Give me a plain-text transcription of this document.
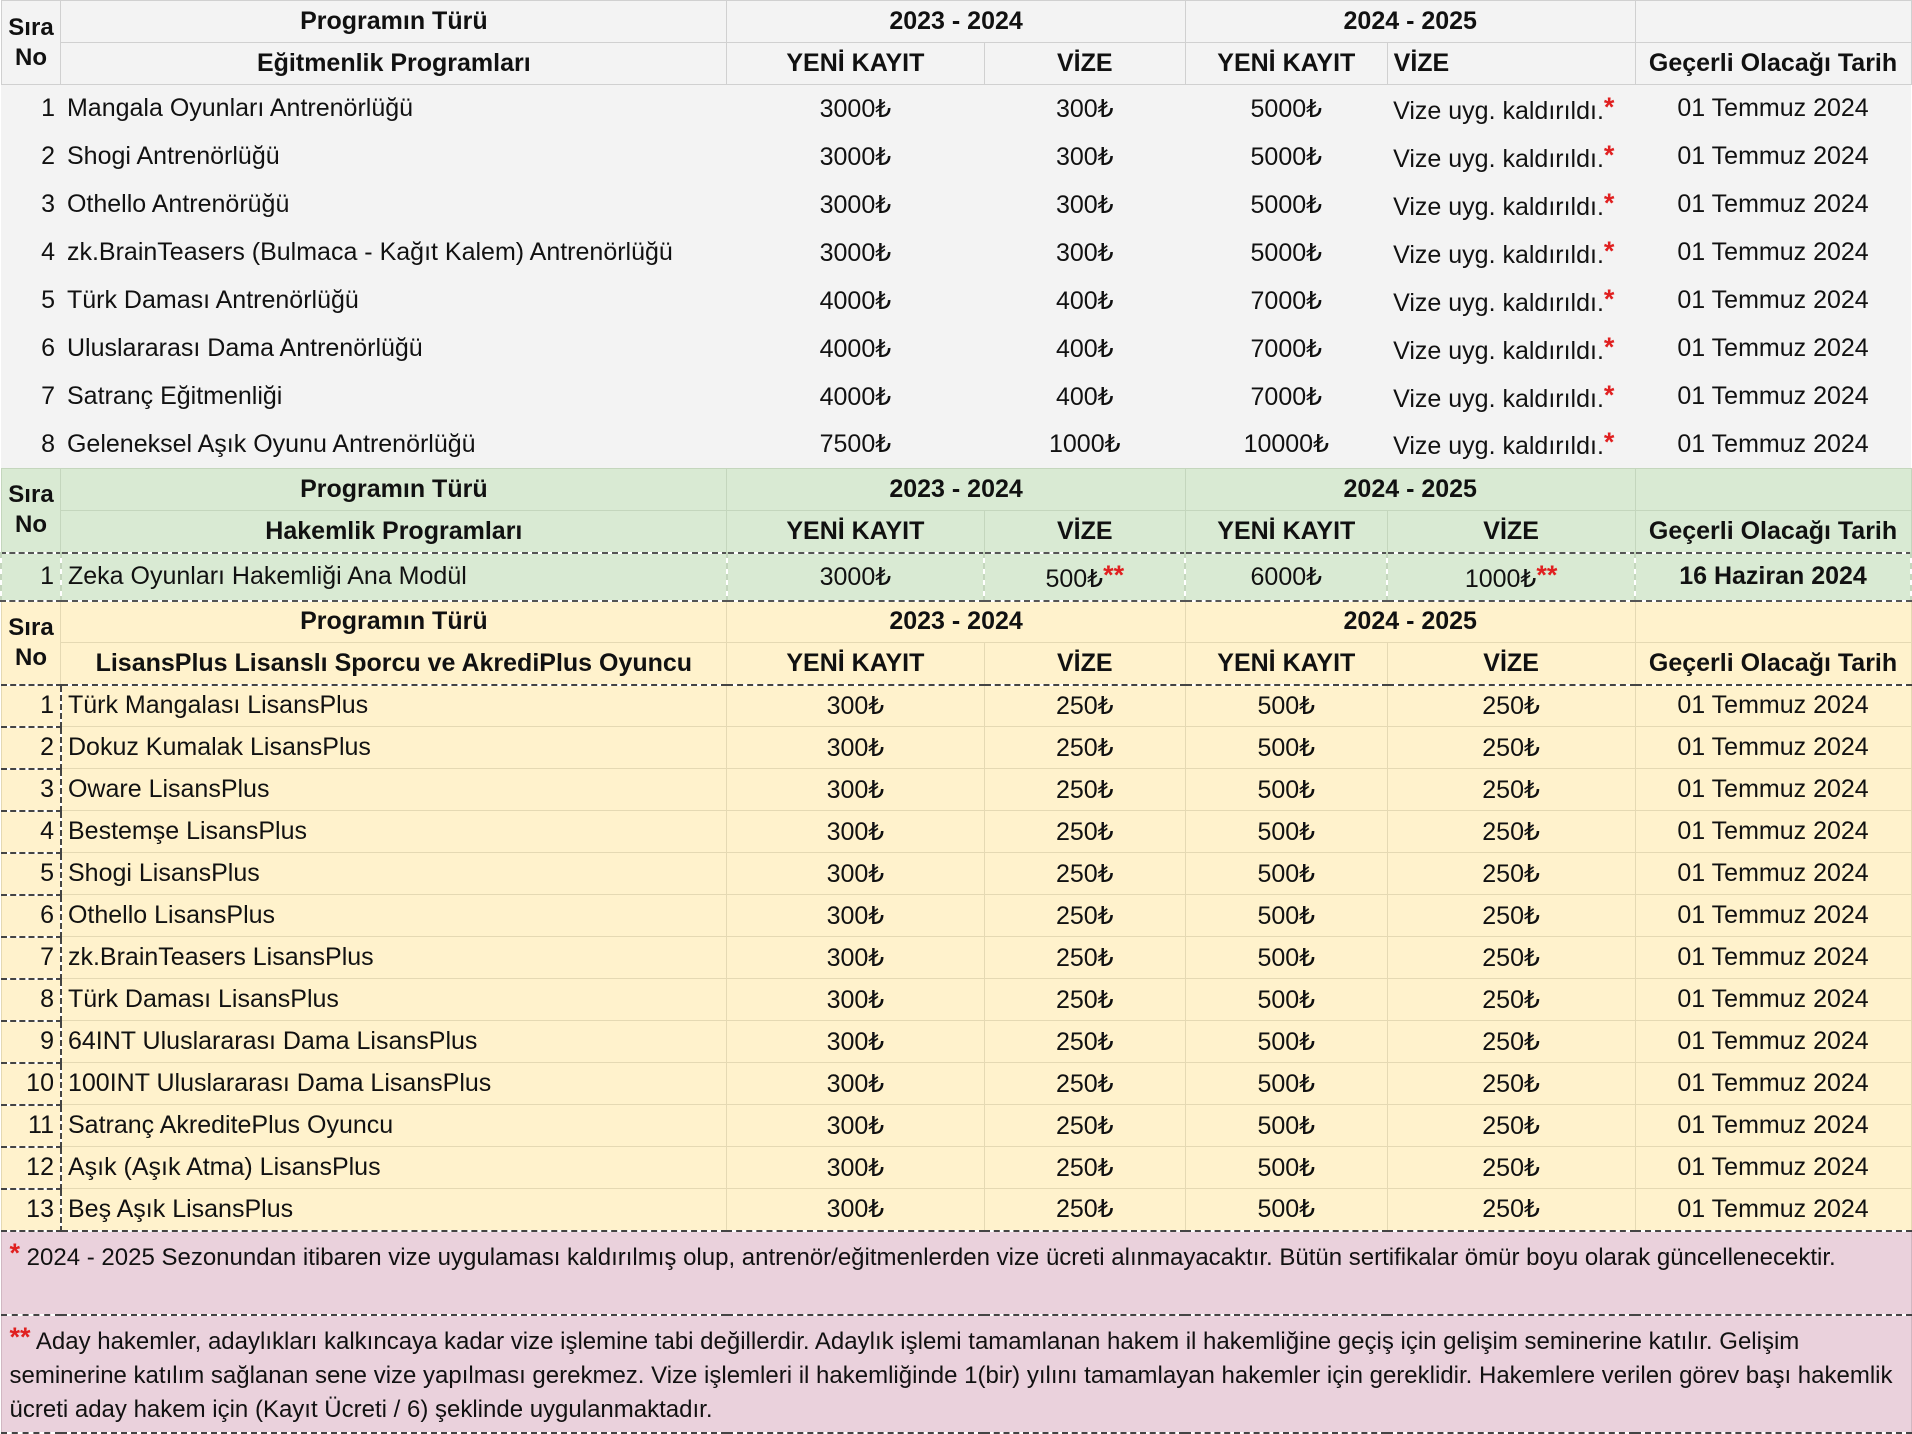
Sıra
No	Programın Türü	2023 - 2024		2024 - 2025		
	Eğitmenlik Programları	YENİ KAYIT	VİZE	YENİ KAYIT	VİZE	Geçerli Olacağı Tarih
1	Mangala Oyunları Antrenörlüğü	3000₺	300₺	5000₺	Vize uyg. kaldırıldı.*	01 Temmuz 2024
2	Shogi Antrenörlüğü	3000₺	300₺	5000₺	Vize uyg. kaldırıldı.*	01 Temmuz 2024
3	Othello Antrenörüğü	3000₺	300₺	5000₺	Vize uyg. kaldırıldı.*	01 Temmuz 2024
4	zk.BrainTeasers (Bulmaca - Kağıt Kalem) Antrenörlüğü	3000₺	300₺	5000₺	Vize uyg. kaldırıldı.*	01 Temmuz 2024
5	Türk Daması Antrenörlüğü	4000₺	400₺	7000₺	Vize uyg. kaldırıldı.*	01 Temmuz 2024
6	Uluslararası Dama Antrenörlüğü	4000₺	400₺	7000₺	Vize uyg. kaldırıldı.*	01 Temmuz 2024
7	Satranç Eğitmenliği	4000₺	400₺	7000₺	Vize uyg. kaldırıldı.*	01 Temmuz 2024
8	Geleneksel Aşık Oyunu Antrenörlüğü	7500₺	1000₺	10000₺	Vize uyg. kaldırıldı.*	01 Temmuz 2024
Sıra
No	Programın Türü	2023 - 2024		2024 - 2025		
	Hakemlik Programları	YENİ KAYIT	VİZE	YENİ KAYIT	VİZE	Geçerli Olacağı Tarih
1	Zeka Oyunları Hakemliği Ana Modül	3000₺	500₺**	6000₺	1000₺**	16 Haziran 2024
Sıra
No	Programın Türü	2023 - 2024		2024 - 2025		
	LisansPlus Lisanslı Sporcu ve AkrediPlus Oyuncu	YENİ KAYIT	VİZE	YENİ KAYIT	VİZE	Geçerli Olacağı Tarih
1	Türk Mangalası LisansPlus	300₺	250₺	500₺	250₺	01 Temmuz 2024
2	Dokuz Kumalak LisansPlus	300₺	250₺	500₺	250₺	01 Temmuz 2024
3	Oware LisansPlus	300₺	250₺	500₺	250₺	01 Temmuz 2024
4	Bestemşe LisansPlus	300₺	250₺	500₺	250₺	01 Temmuz 2024
5	Shogi LisansPlus	300₺	250₺	500₺	250₺	01 Temmuz 2024
6	Othello LisansPlus	300₺	250₺	500₺	250₺	01 Temmuz 2024
7	zk.BrainTeasers LisansPlus	300₺	250₺	500₺	250₺	01 Temmuz 2024
8	Türk Daması LisansPlus	300₺	250₺	500₺	250₺	01 Temmuz 2024
9	64INT Uluslararası Dama LisansPlus	300₺	250₺	500₺	250₺	01 Temmuz 2024
10	100INT Uluslararası Dama LisansPlus	300₺	250₺	500₺	250₺	01 Temmuz 2024
11	Satranç AkreditePlus Oyuncu	300₺	250₺	500₺	250₺	01 Temmuz 2024
12	Aşık (Aşık Atma) LisansPlus	300₺	250₺	500₺	250₺	01 Temmuz 2024
13	Beş Aşık LisansPlus	300₺	250₺	500₺	250₺	01 Temmuz 2024
* 2024 - 2025 Sezonundan itibaren vize uygulaması kaldırılmış olup, antrenör/eğitmenlerden vize ücreti alınmayacaktır. Bütün sertifikalar ömür boyu olarak güncellenecektir.						
** Aday hakemler, adaylıkları kalkıncaya kadar vize işlemine tabi değillerdir. Adaylık işlemi tamamlanan hakem il hakemliğine geçiş için gelişim seminerine katılır. Gelişim seminerine katılım sağlanan sene vize yapılması gerekmez. Vize işlemleri il hakemliğinde 1(bir) yılını tamamlayan hakemler için gereklidir. Hakemlere verilen görev başı hakemlik ücreti aday hakem için (Kayıt Ücreti / 6) şeklinde uygulanmaktadır.						
